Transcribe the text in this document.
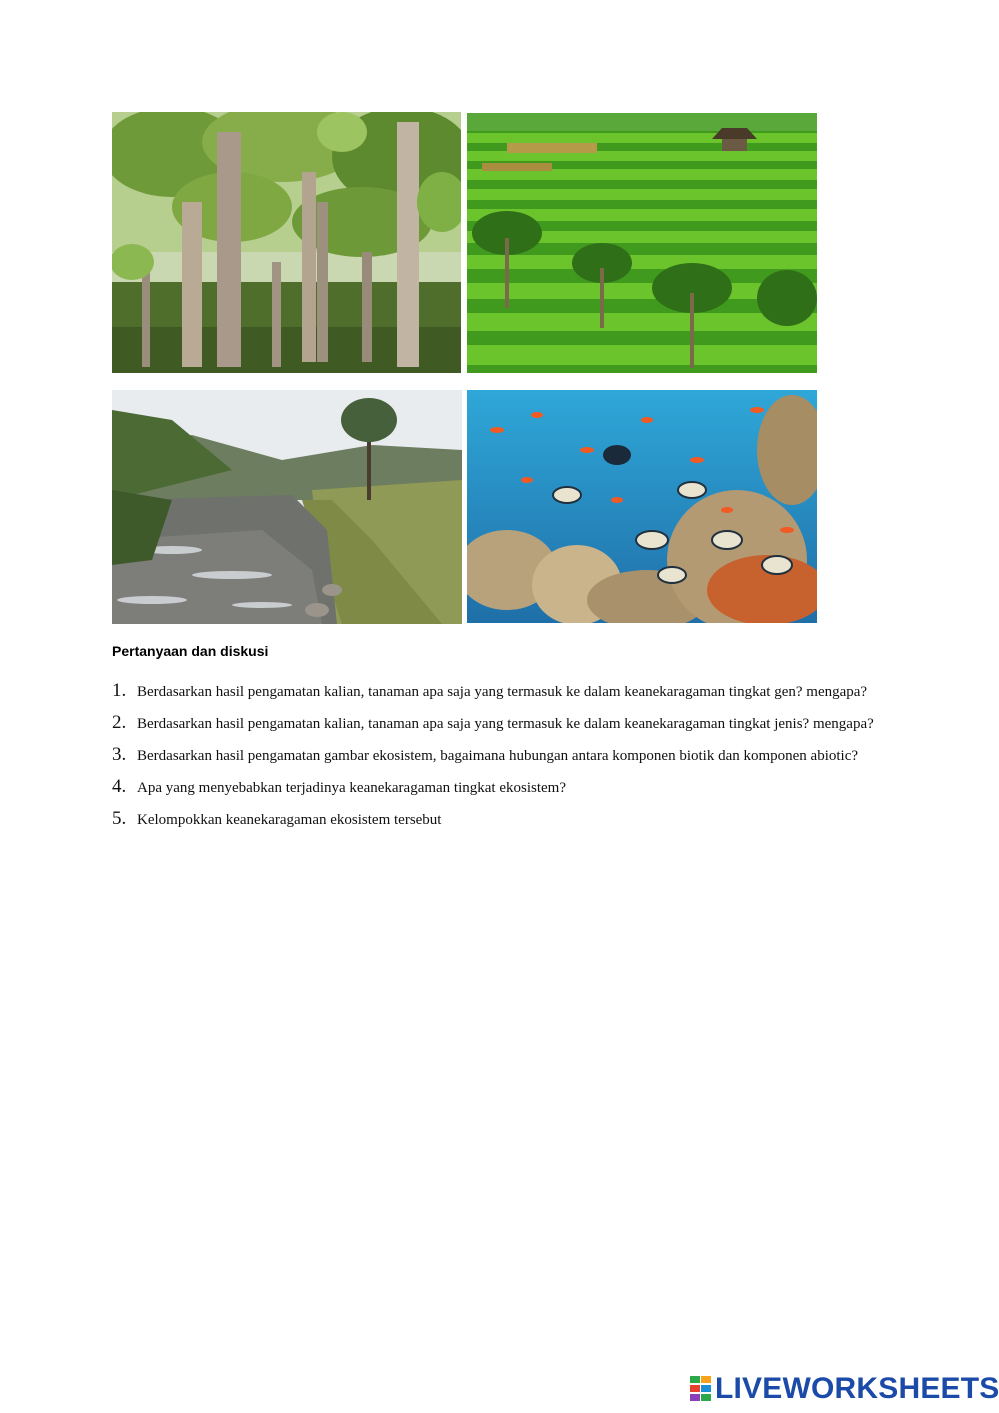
Pertanyaan dan diskusi
1. Berdasarkan hasil pengamatan kalian, tanaman apa saja yang termasuk ke dalam keanekaragaman tingkat gen? mengapa?
2. Berdasarkan hasil pengamatan kalian, tanaman apa saja yang termasuk ke dalam keanekaragaman tingkat jenis? mengapa?
3. Berdasarkan hasil pengamatan gambar ekosistem, bagaimana hubungan antara komponen biotik dan komponen abiotic?
4. Apa yang menyebabkan terjadinya keanekaragaman tingkat ekosistem?
5. Kelompokkan keanekaragaman ekosistem tersebut
LIVEWORKSHEETS
